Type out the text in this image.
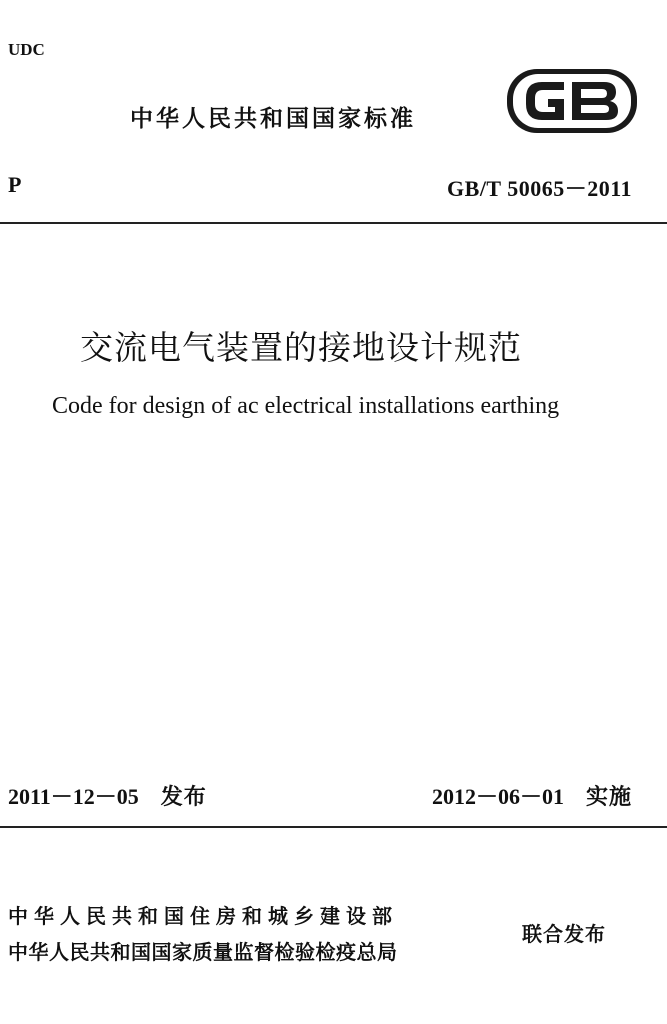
UDC
中华人民共和国国家标准
P	GB/T 50065－2011
交流电气装置的接地设计规范
Code for design of ac electrical installations earthing
2011－12－05 发布	2012－06－01 实施
中华人民共和国住房和城乡建设部
中华人民共和国国家质量监督检验检疫总局
联合发布
